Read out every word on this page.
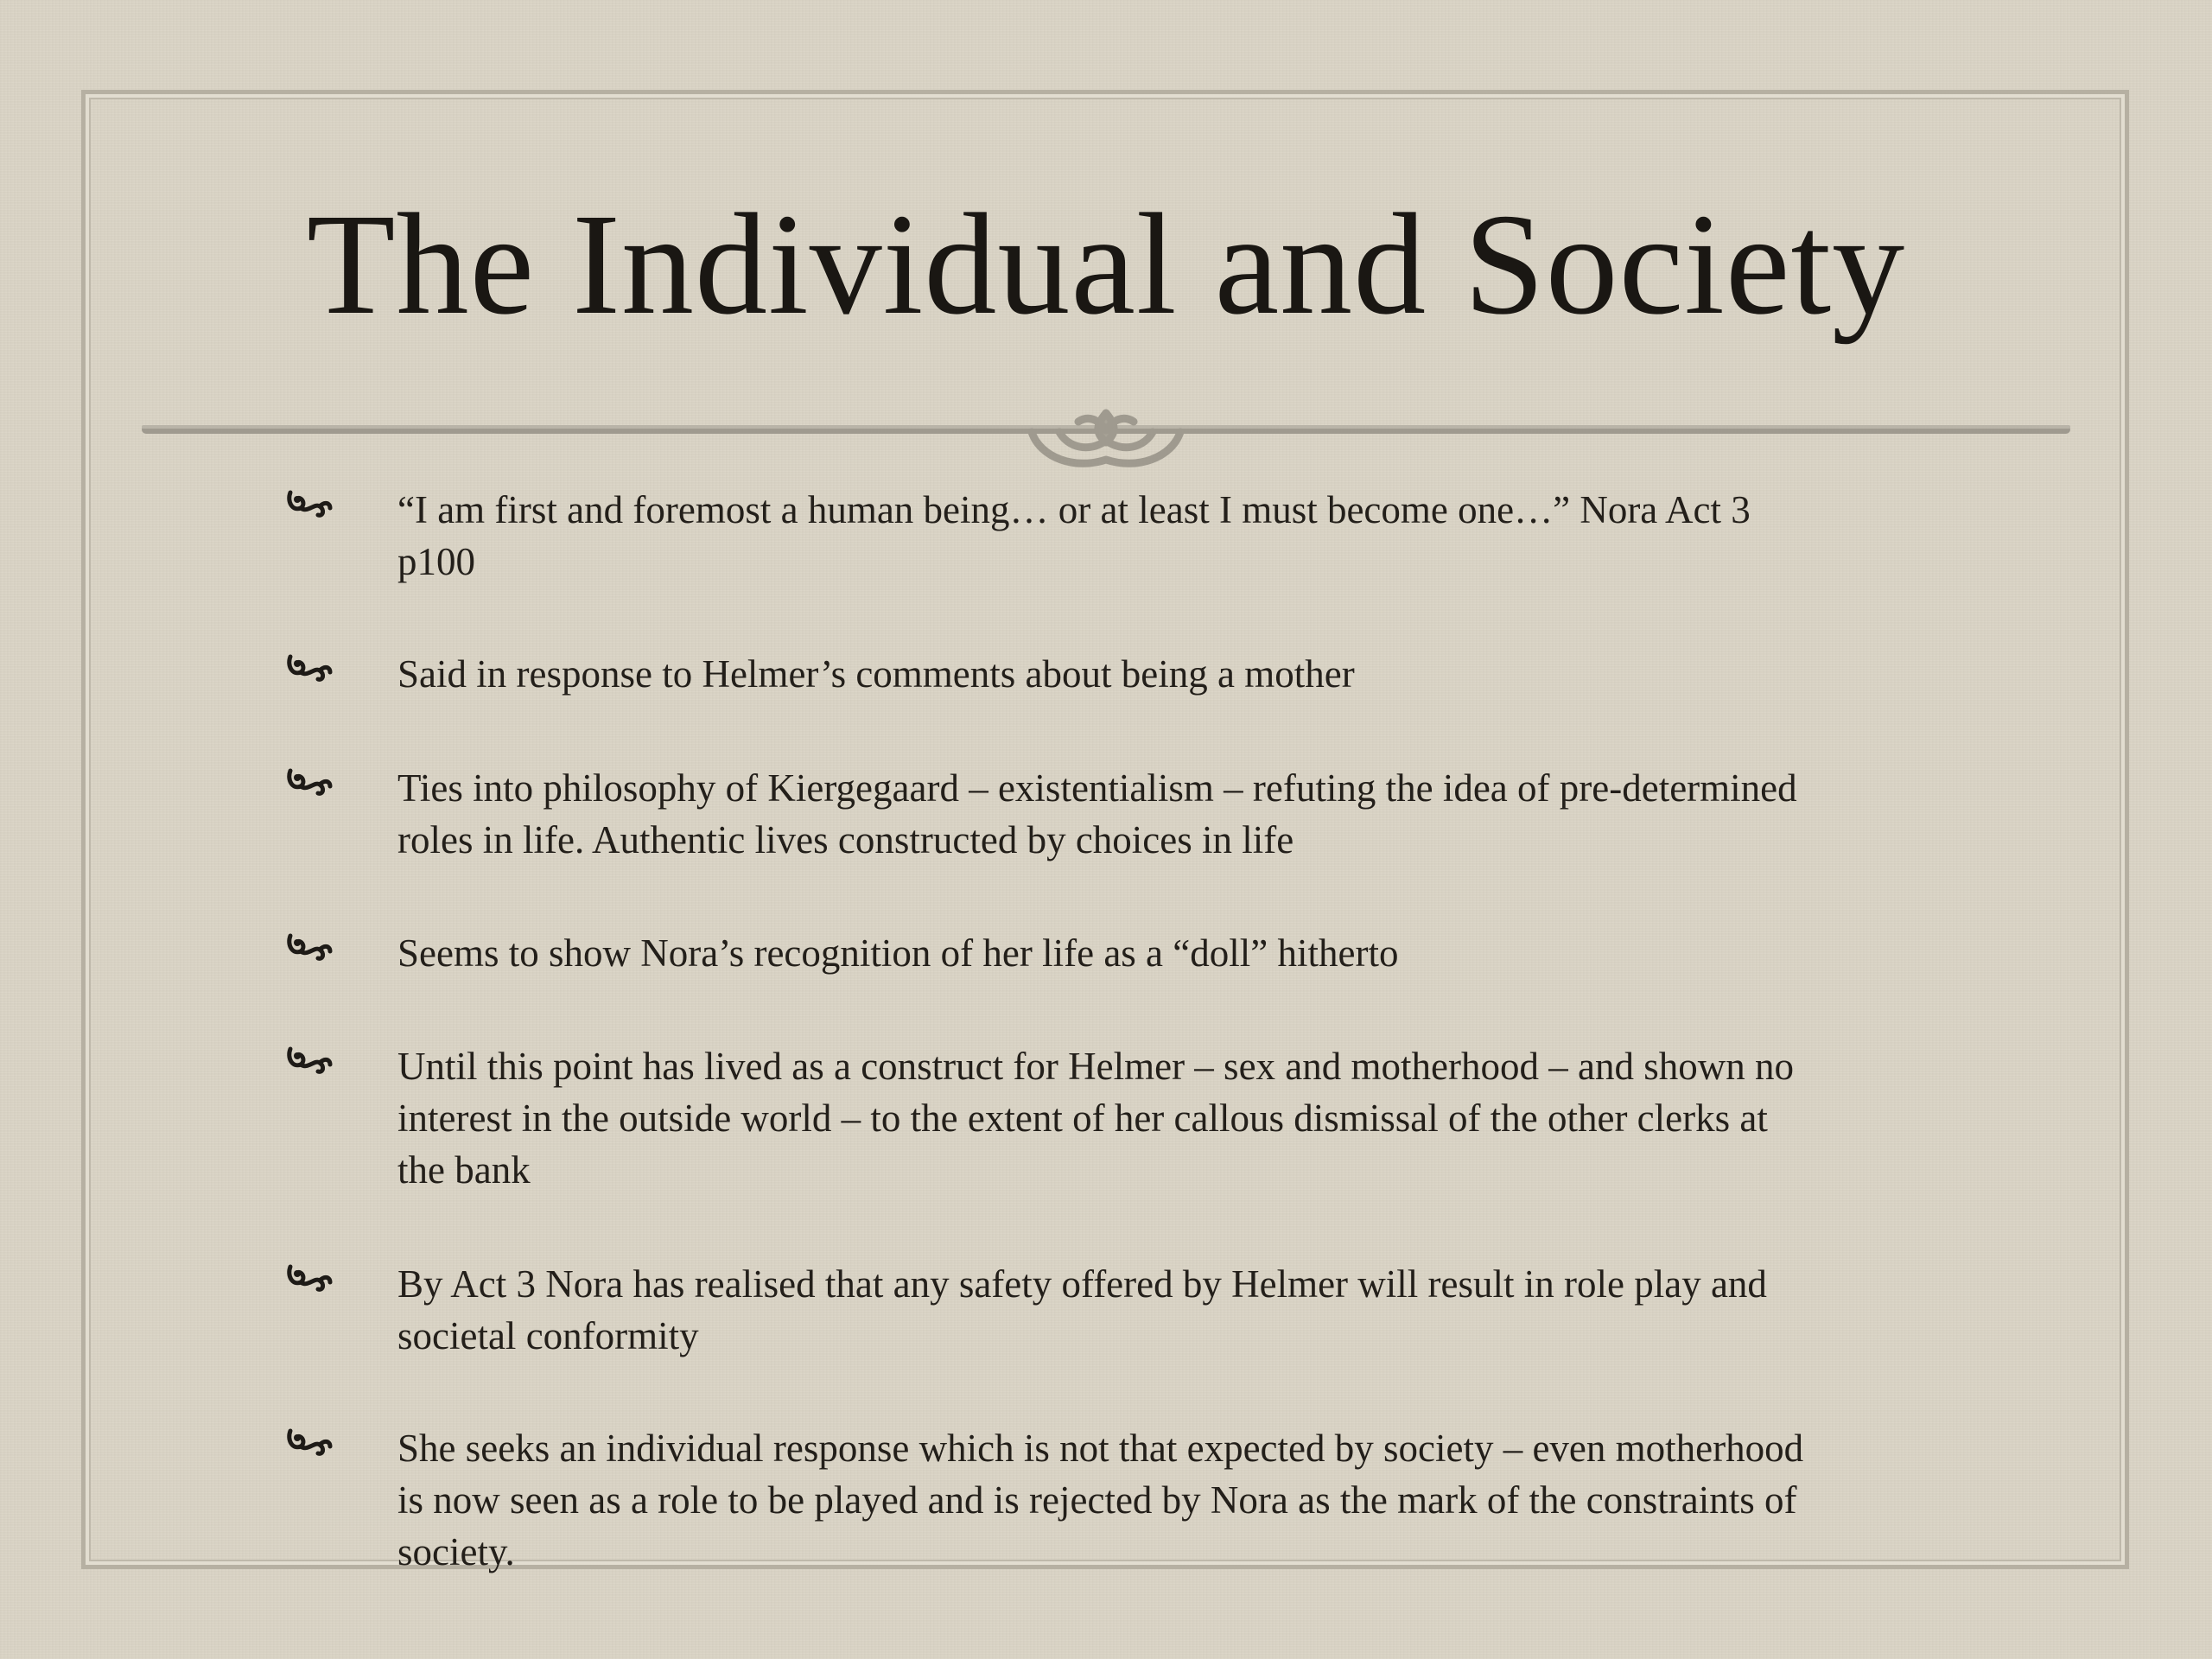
The Individual and Society
“I am first and foremost a human being… or at least I must become one…” Nora Act 3
p100
Said in response to Helmer’s comments about being a mother
Ties into philosophy of Kiergegaard – existentialism – refuting the idea of pre-determined
roles in life. Authentic lives constructed by choices in life
Seems to show Nora’s recognition of her life as a “doll” hitherto
Until this point has lived as a construct for Helmer – sex and motherhood – and shown no
interest in the outside world – to the extent of her callous dismissal of the other clerks at
the bank
By Act 3 Nora has realised that any safety offered by Helmer will result in role play and
societal conformity
She seeks an individual response which is not that expected by society – even motherhood
is now seen as a role to be played and is rejected by Nora as the mark of the constraints of
society.
